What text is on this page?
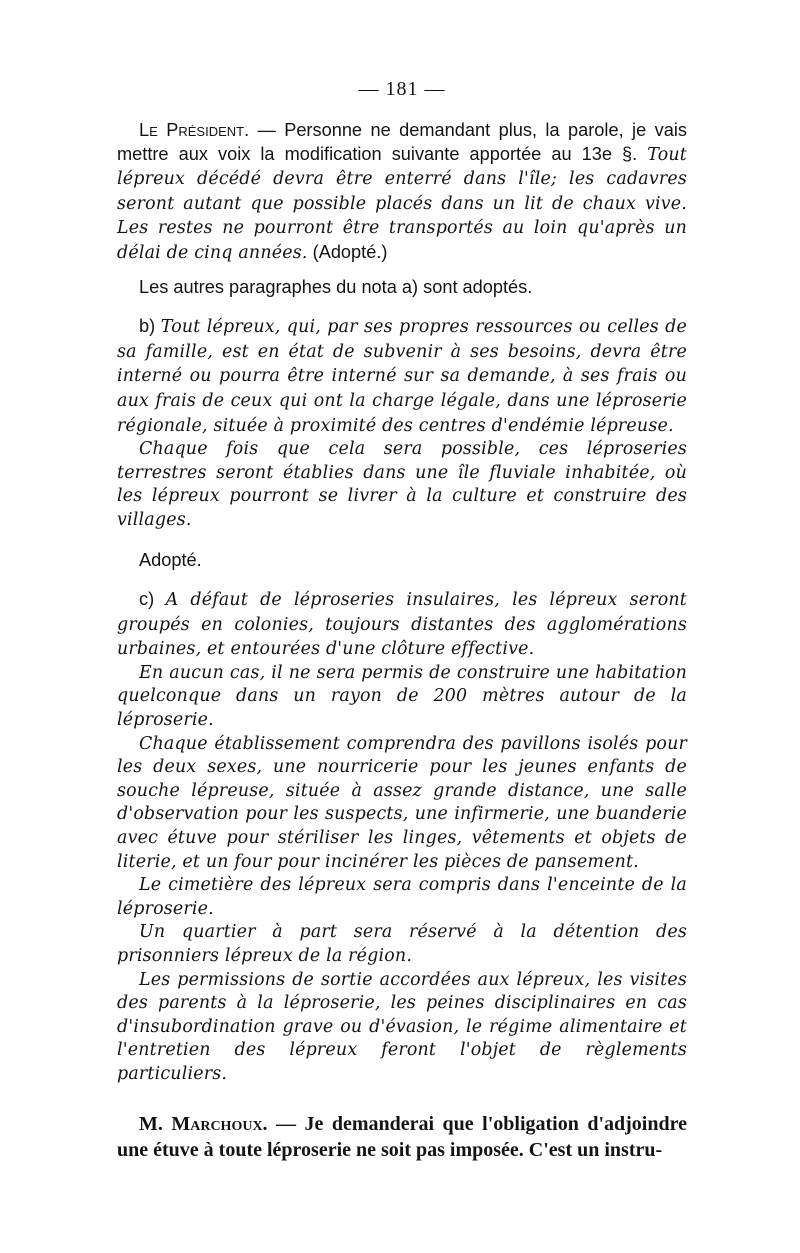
— 181 —

Le Président. — Personne ne demandant plus, la parole, je vais mettre aux voix la modification suivante apportée au 13e §. Tout lépreux décédé devra être enterré dans l'île; les cadavres seront autant que possible placés dans un lit de chaux vive. Les restes ne pourront être transportés au loin qu'après un délai de cinq années. (Adopté.)

Les autres paragraphes du nota a) sont adoptés.

b) Tout lépreux, qui, par ses propres ressources ou celles de sa famille, est en état de subvenir à ses besoins, devra être interné ou pourra être interné sur sa demande, à ses frais ou aux frais de ceux qui ont la charge légale, dans une léproserie régionale, située à proximité des centres d'endémie lépreuse.

Chaque fois que cela sera possible, ces léproseries terrestres seront établies dans une île fluviale inhabitée, où les lépreux pourront se livrer à la culture et construire des villages.

Adopté.

c) A défaut de léproseries insulaires, les lépreux seront groupés en colonies, toujours distantes des agglomérations urbaines, et entourées d'une clôture effective.

En aucun cas, il ne sera permis de construire une habitation quelconque dans un rayon de 200 mètres autour de la léproserie.

Chaque établissement comprendra des pavillons isolés pour les deux sexes, une nourricerie pour les jeunes enfants de souche lépreuse, située à assez grande distance, une salle d'observation pour les suspects, une infirmerie, une buanderie avec étuve pour stériliser les linges, vêtements et objets de literie, et un four pour incinérer les pièces de pansement.

Le cimetière des lépreux sera compris dans l'enceinte de la léproserie.

Un quartier à part sera réservé à la détention des prisonniers lépreux de la région.

Les permissions de sortie accordées aux lépreux, les visites des parents à la léproserie, les peines disciplinaires en cas d'insubordination grave ou d'évasion, le régime alimentaire et l'entretien des lépreux feront l'objet de règlements particuliers.

M. Marchoux. — Je demanderai que l'obligation d'adjoindre une étuve à toute léproserie ne soit pas imposée. C'est un instru-
